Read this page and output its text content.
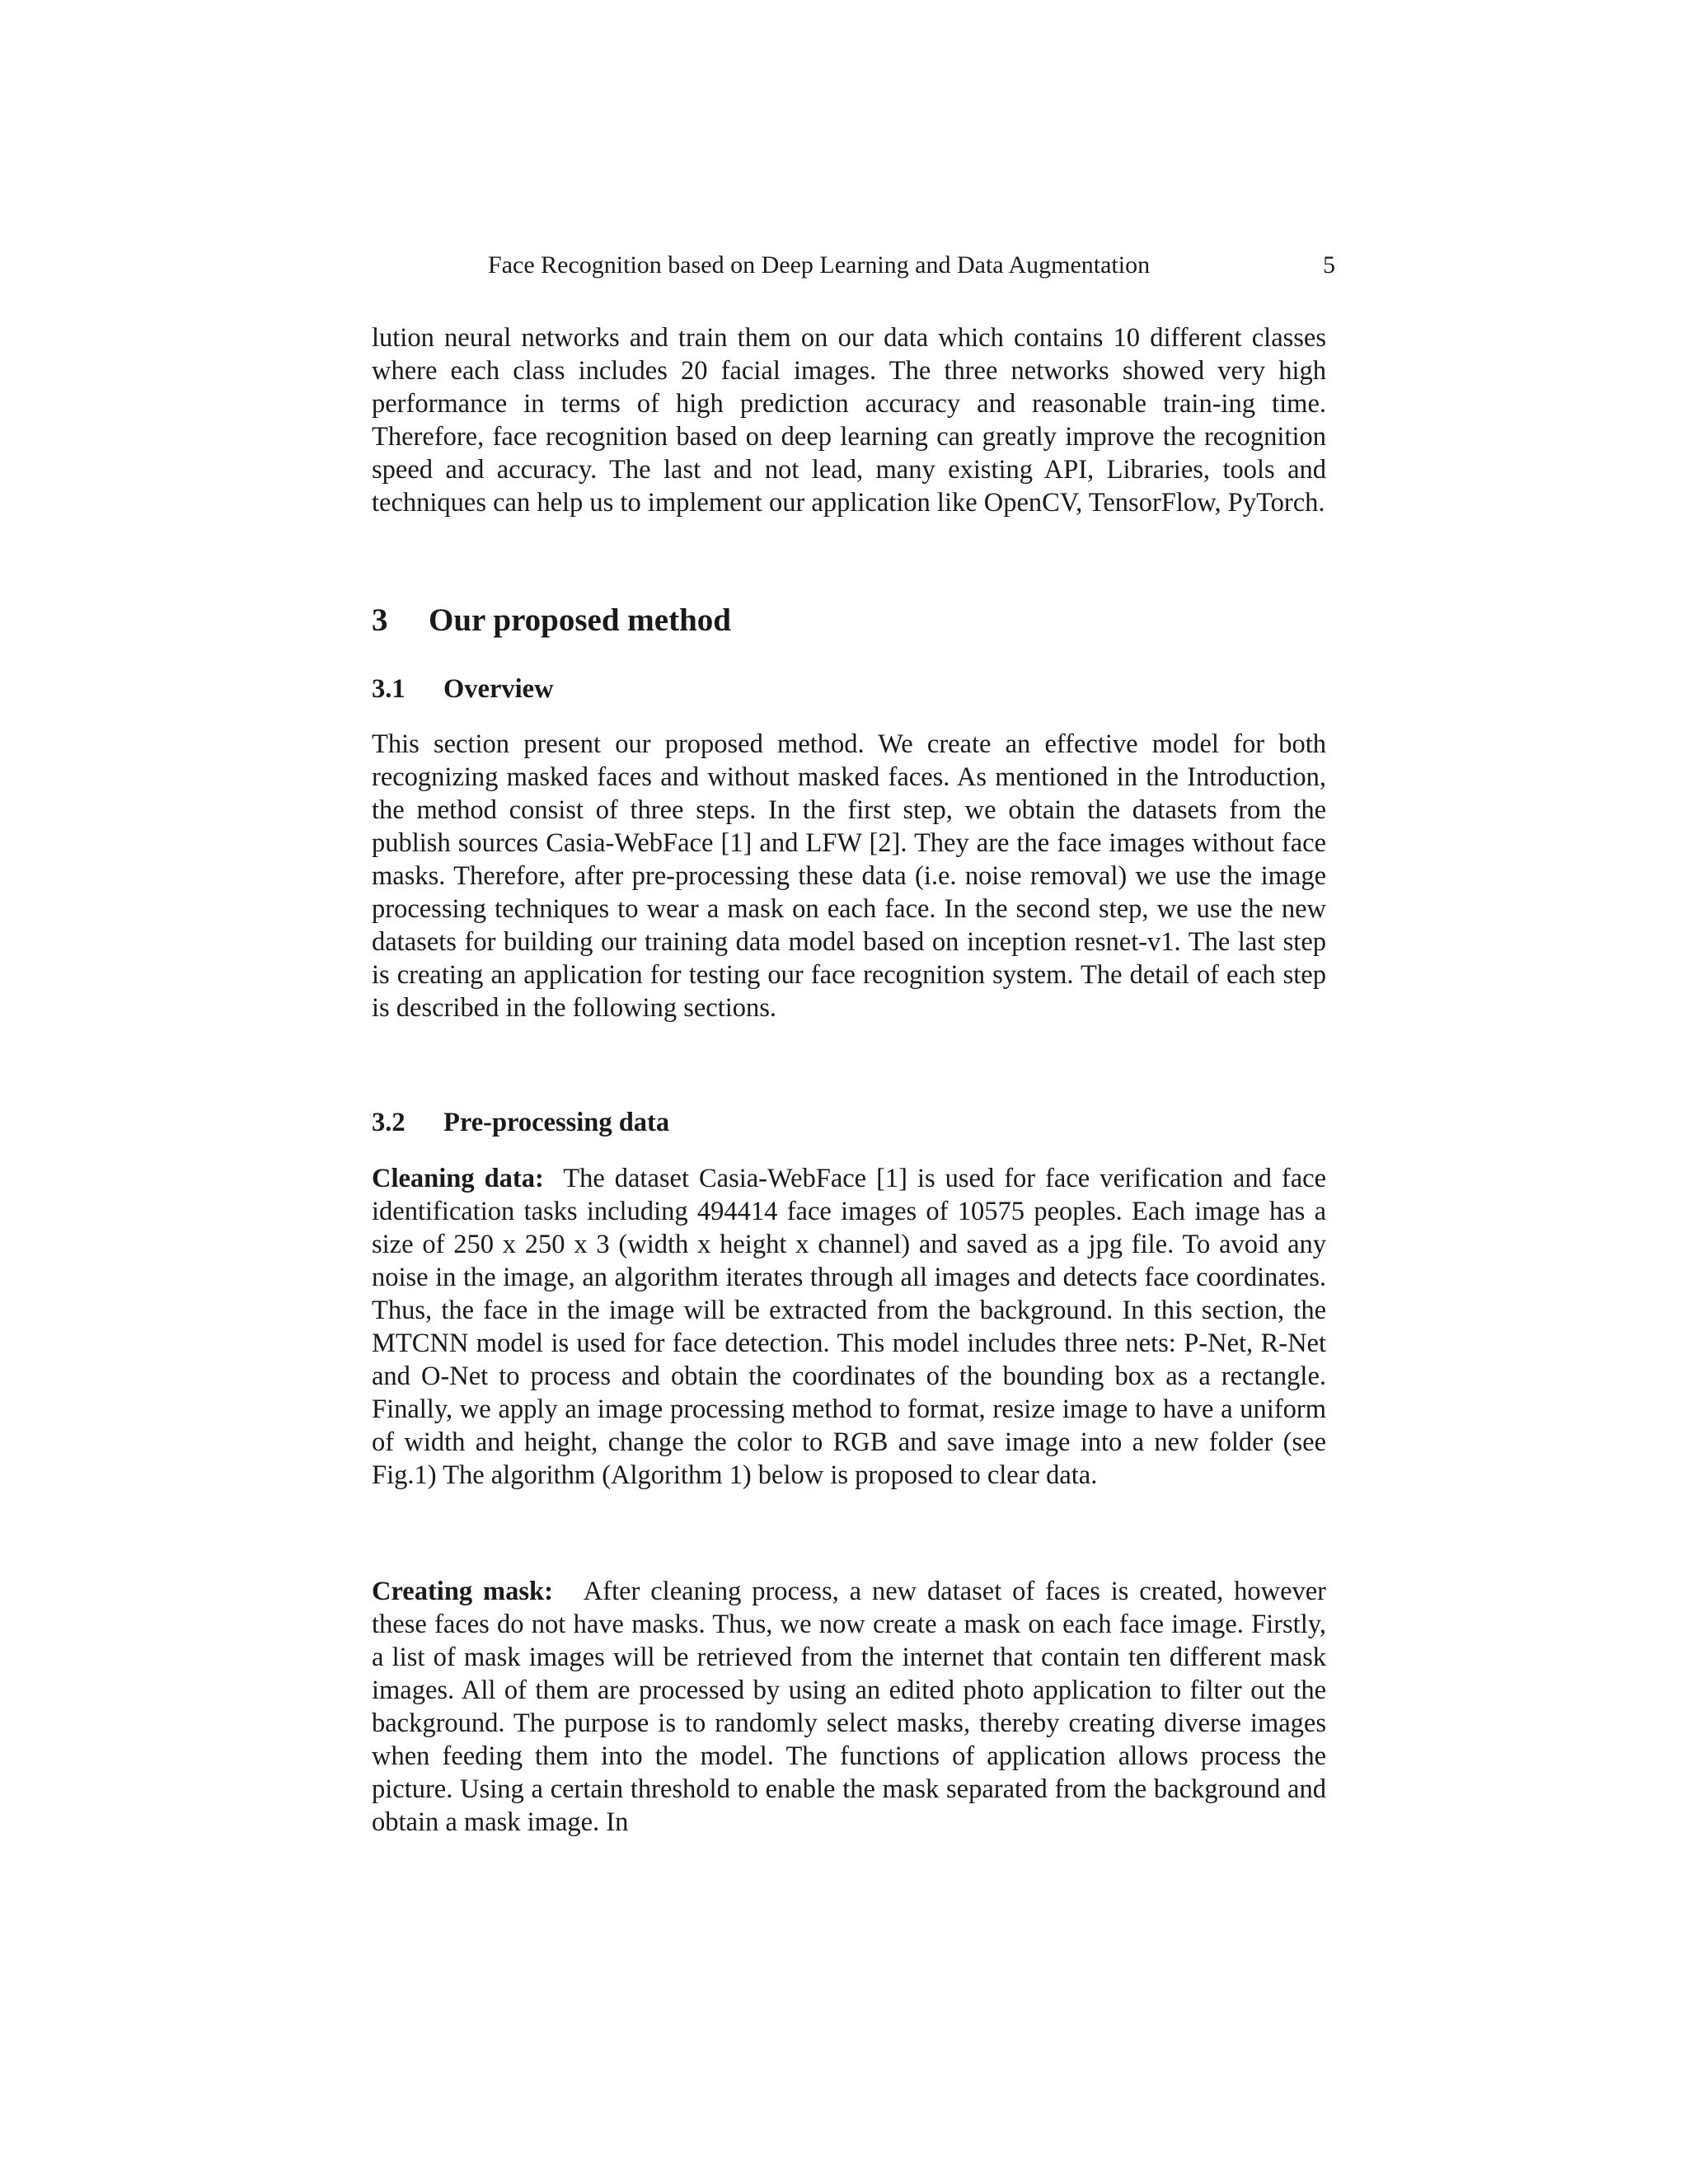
Face Recognition based on Deep Learning and Data Augmentation	5

lution neural networks and train them on our data which contains 10 different classes where each class includes 20 facial images. The three networks showed very high performance in terms of high prediction accuracy and reasonable train-ing time. Therefore, face recognition based on deep learning can greatly improve the recognition speed and accuracy. The last and not lead, many existing API, Libraries, tools and techniques can help us to implement our application like OpenCV, TensorFlow, PyTorch.

3 Our proposed method
3.1 Overview

This section present our proposed method. We create an effective model for both recognizing masked faces and without masked faces. As mentioned in the Introduction, the method consist of three steps. In the first step, we obtain the datasets from the publish sources Casia-WebFace [1] and LFW [2]. They are the face images without face masks. Therefore, after pre-processing these data (i.e. noise removal) we use the image processing techniques to wear a mask on each face. In the second step, we use the new datasets for building our training data model based on inception resnet-v1. The last step is creating an application for testing our face recognition system. The detail of each step is described in the following sections.

3.2 Pre-processing data

Cleaning data: The dataset Casia-WebFace [1] is used for face verification and face identification tasks including 494414 face images of 10575 peoples. Each image has a size of 250 x 250 x 3 (width x height x channel) and saved as a jpg file. To avoid any noise in the image, an algorithm iterates through all images and detects face coordinates. Thus, the face in the image will be extracted from the background. In this section, the MTCNN model is used for face detection. This model includes three nets: P-Net, R-Net and O-Net to process and obtain the coordinates of the bounding box as a rectangle. Finally, we apply an image processing method to format, resize image to have a uniform of width and height, change the color to RGB and save image into a new folder (see Fig.1) The algorithm (Algorithm 1) below is proposed to clear data.

Creating mask: After cleaning process, a new dataset of faces is created, however these faces do not have masks. Thus, we now create a mask on each face image. Firstly, a list of mask images will be retrieved from the internet that contain ten different mask images. All of them are processed by using an edited photo application to filter out the background. The purpose is to randomly select masks, thereby creating diverse images when feeding them into the model. The functions of application allows process the picture. Using a certain threshold to enable the mask separated from the background and obtain a mask image. In
